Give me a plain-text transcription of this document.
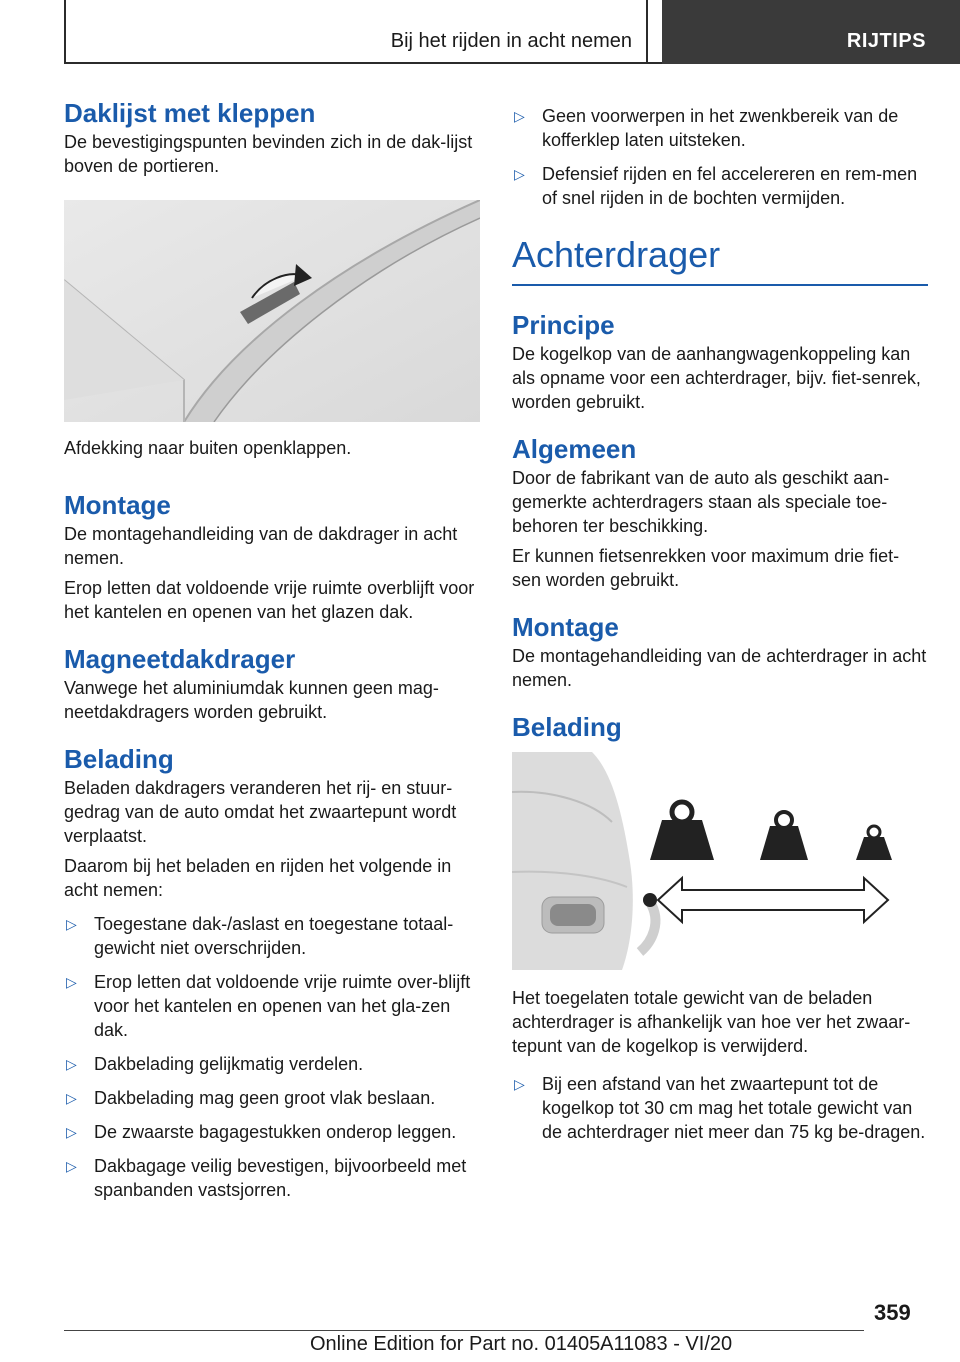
Bij het rijden in acht nemen	RIJTIPS
Daklijst met kleppen

De bevestigingspunten bevinden zich in de dak-lijst boven de portieren.

Afdekking naar buiten openklappen.

Montage

De montagehandleiding van de dakdrager in acht nemen.

Erop letten dat voldoende vrije ruimte overblijft voor het kantelen en openen van het glazen dak.

Magneetdakdrager

Vanwege het aluminiumdak kunnen geen mag-neetdakdragers worden gebruikt.

Belading

Beladen dakdragers veranderen het rij- en stuur-gedrag van de auto omdat het zwaartepunt wordt verplaatst.

Daarom bij het beladen en rijden het volgende in acht nemen:

▷ Toegestane dak-/aslast en toegestane totaal-gewicht niet overschrijden.
▷ Erop letten dat voldoende vrije ruimte over-blijft voor het kantelen en openen van het gla-zen dak.
▷ Dakbelading gelijkmatig verdelen.
▷ Dakbelading mag geen groot vlak beslaan.
▷ De zwaarste bagagestukken onderop leggen.
▷ Dakbagage veilig bevestigen, bijvoorbeeld met spanbanden vastsjorren.
▷ Geen voorwerpen in het zwenkbereik van de kofferklep laten uitsteken.
▷ Defensief rijden en fel accelereren en rem-men of snel rijden in de bochten vermijden.
Achterdrager
Principe

De kogelkop van de aanhangwagenkoppeling kan als opname voor een achterdrager, bijv. fiet-senrek, worden gebruikt.

Algemeen

Door de fabrikant van de auto als geschikt aan-gemerkte achterdragers staan als speciale toe-behoren ter beschikking.

Er kunnen fietsenrekken voor maximum drie fiet-sen worden gebruikt.

Montage

De montagehandleiding van de achterdrager in acht nemen.

Belading

Het toegelaten totale gewicht van de beladen achterdrager is afhankelijk van hoe ver het zwaar-tepunt van de kogelkop is verwijderd.

▷ Bij een afstand van het zwaartepunt tot de kogelkop tot 30 cm mag het totale gewicht van de achterdrager niet meer dan 75 kg be-dragen.
359
Online Edition for Part no. 01405A11083 - VI/20
